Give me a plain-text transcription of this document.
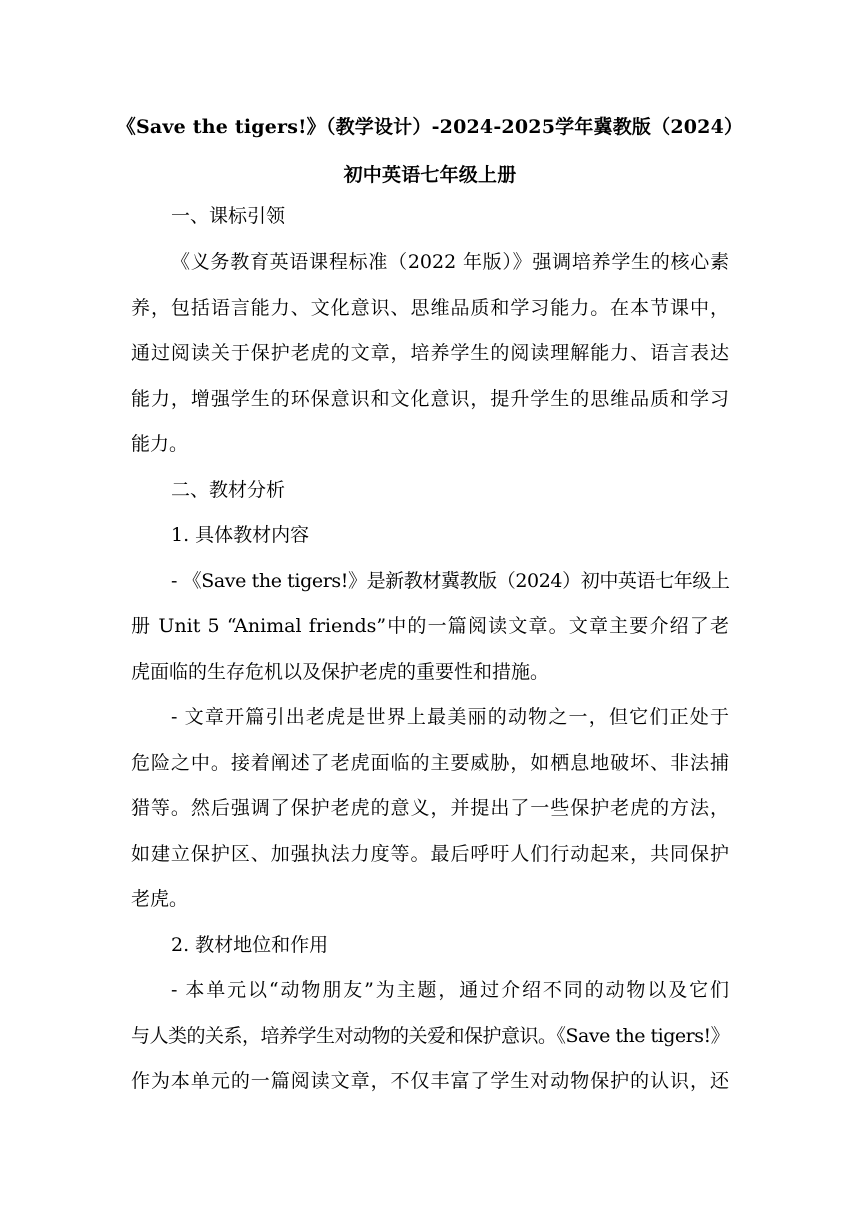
《Save the tigers!》（教学设计）-2024-2025学年冀教版（2024）
初中英语七年级上册
一、课标引领
《义务教育英语课程标准（2022 年版）》强调培养学生的核心素
养，包括语言能力、文化意识、思维品质和学习能力。在本节课中，
通过阅读关于保护老虎的文章，培养学生的阅读理解能力、语言表达
能力，增强学生的环保意识和文化意识，提升学生的思维品质和学习
能力。
二、教材分析
1. 具体教材内容
- 《Save the tigers!》是新教材冀教版（2024）初中英语七年级上
册 Unit 5 “Animal friends”中的一篇阅读文章。文章主要介绍了老
虎面临的生存危机以及保护老虎的重要性和措施。
- 文章开篇引出老虎是世界上最美丽的动物之一，但它们正处于
危险之中。接着阐述了老虎面临的主要威胁，如栖息地破坏、非法捕
猎等。然后强调了保护老虎的意义，并提出了一些保护老虎的方法，
如建立保护区、加强执法力度等。最后呼吁人们行动起来，共同保护
老虎。
2. 教材地位和作用
- 本单元以“动物朋友”为主题，通过介绍不同的动物以及它们
与人类的关系，培养学生对动物的关爱和保护意识。《Save the tigers!》
作为本单元的一篇阅读文章，不仅丰富了学生对动物保护的认识，还
